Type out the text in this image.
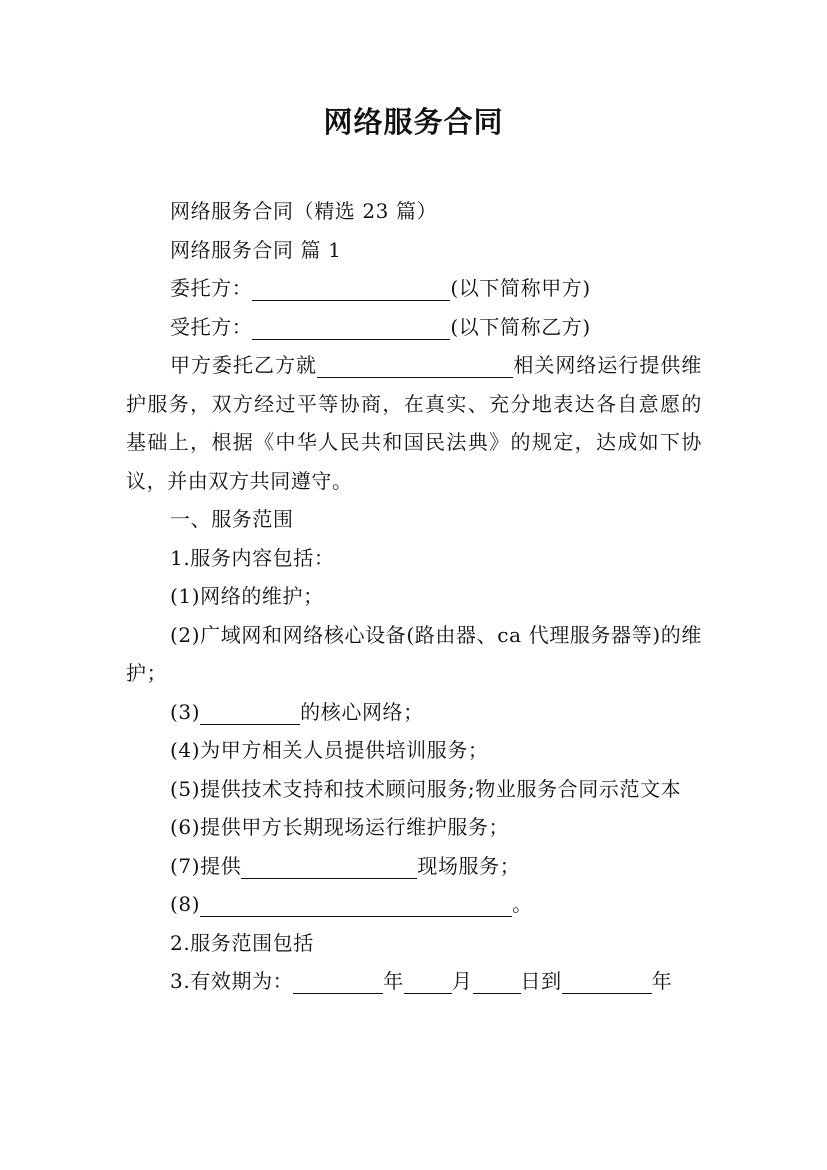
网络服务合同

网络服务合同（精选 23 篇）

网络服务合同 篇 1

委托方：	(以下简称甲方)

受托方：	(以下简称乙方)

甲方委托乙方就	相关网络运行提供维护服务，双方经过平等协商，在真实、充分地表达各自意愿的基础上，根据《中华人民共和国民法典》的规定，达成如下协议，并由双方共同遵守。

一、服务范围

1.服务内容包括：

(1)网络的维护；

(2)广域网和网络核心设备(路由器、ca 代理服务器等)的维护；

(3)	的核心网络；

(4)为甲方相关人员提供培训服务；

(5)提供技术支持和技术顾问服务;物业服务合同示范文本

(6)提供甲方长期现场运行维护服务；

(7)提供	现场服务；

(8)	。

2.服务范围包括

3.有效期为：	年 月 日到	年
